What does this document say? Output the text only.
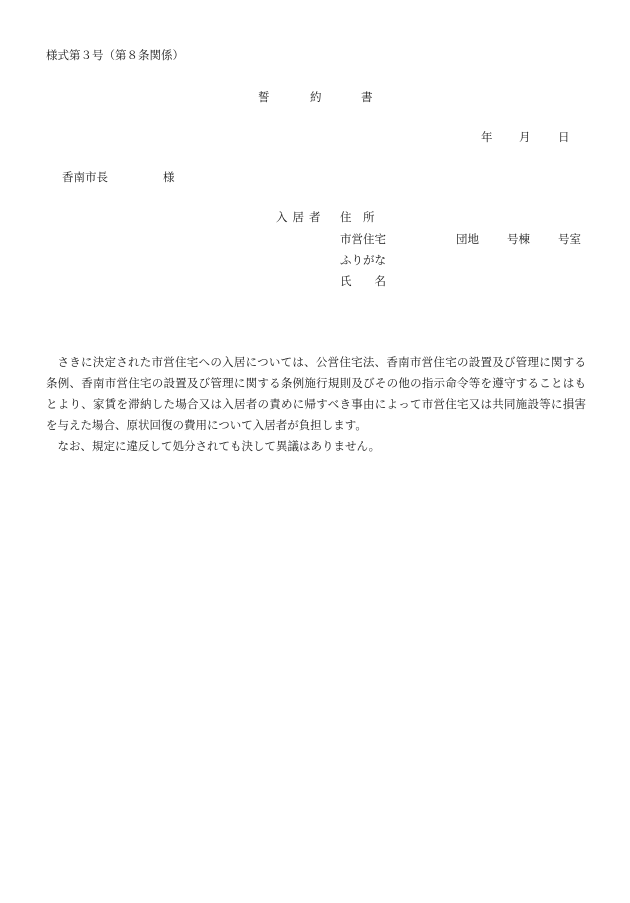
様式第３号（第８条関係）
誓	約	書
年 月 日
香南市長	様
入居者 住　所
市営住宅	団地 号棟 号室
ふりがな
氏　　名

さきに決定された市営住宅への入居については、公営住宅法、香南市営住宅の設置及び管理に関する条例、香南市営住宅の設置及び管理に関する条例施行規則及びその他の指示命令等を遵守することはもとより、家賃を滞納した場合又は入居者の責めに帰すべき事由によって市営住宅又は共同施設等に損害を与えた場合、原状回復の費用について入居者が負担します。

なお、規定に違反して処分されても決して異議はありません。
